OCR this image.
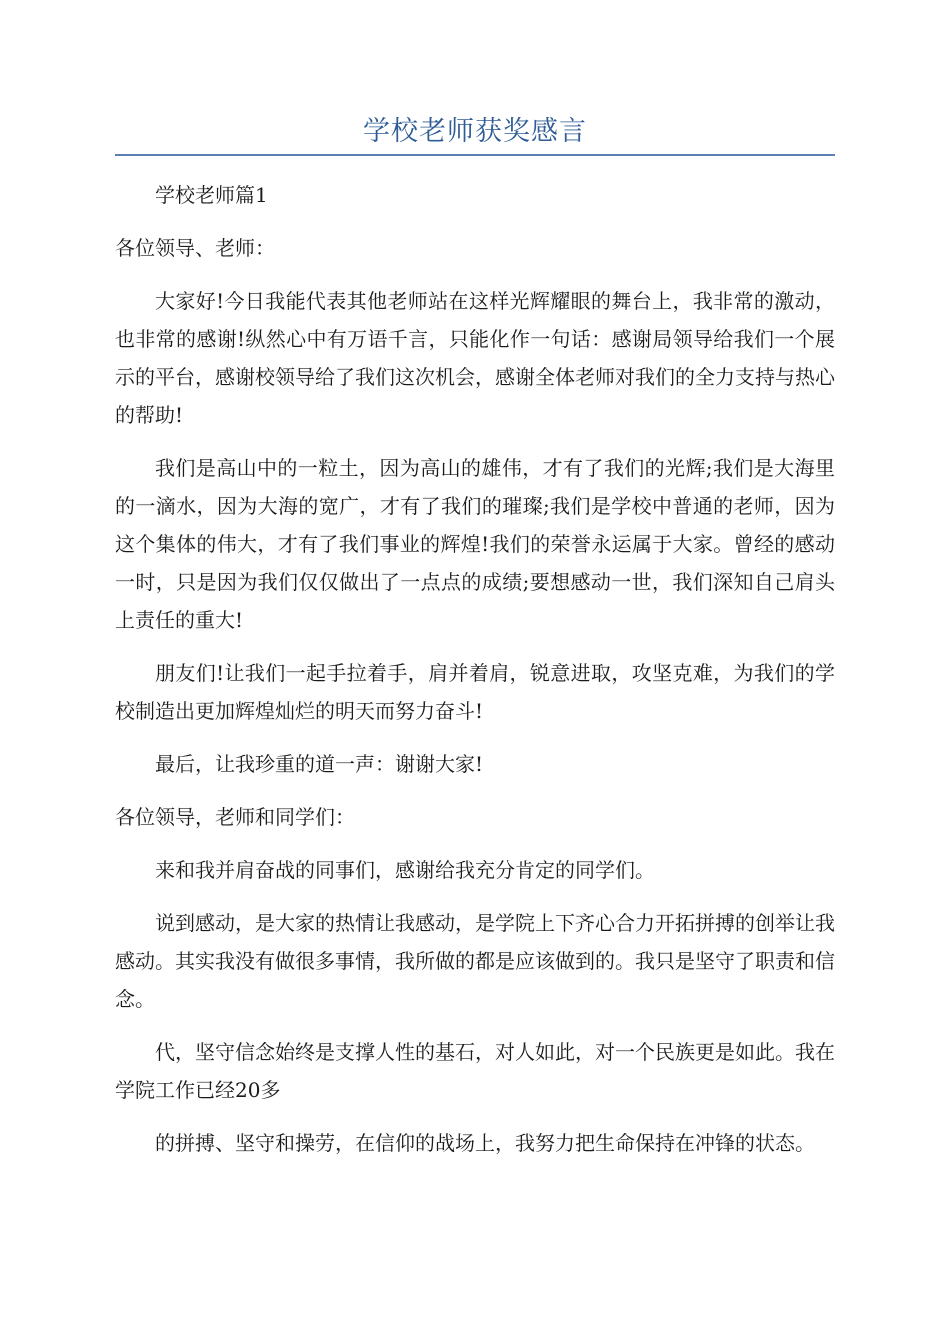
学校老师获奖感言

学校老师篇1

各位领导、老师：

大家好!今日我能代表其他老师站在这样光辉耀眼的舞台上，我非常的激动，也非常的感谢!纵然心中有万语千言，只能化作一句话：感谢局领导给我们一个展示的平台，感谢校领导给了我们这次机会，感谢全体老师对我们的全力支持与热心的帮助!

我们是高山中的一粒土，因为高山的雄伟，才有了我们的光辉;我们是大海里的一滴水，因为大海的宽广，才有了我们的璀璨;我们是学校中普通的老师，因为这个集体的伟大，才有了我们事业的辉煌!我们的荣誉永运属于大家。曾经的感动一时，只是因为我们仅仅做出了一点点的成绩;要想感动一世，我们深知自己肩头上责任的重大!

朋友们!让我们一起手拉着手，肩并着肩，锐意进取，攻坚克难，为我们的学校制造出更加辉煌灿烂的明天而努力奋斗!

最后，让我珍重的道一声：谢谢大家!

各位领导，老师和同学们：

来和我并肩奋战的同事们，感谢给我充分肯定的同学们。

说到感动，是大家的热情让我感动，是学院上下齐心合力开拓拼搏的创举让我感动。其实我没有做很多事情，我所做的都是应该做到的。我只是坚守了职责和信念。

代，坚守信念始终是支撑人性的基石，对人如此，对一个民族更是如此。我在学院工作已经20多

的拼搏、坚守和操劳，在信仰的战场上，我努力把生命保持在冲锋的状态。
